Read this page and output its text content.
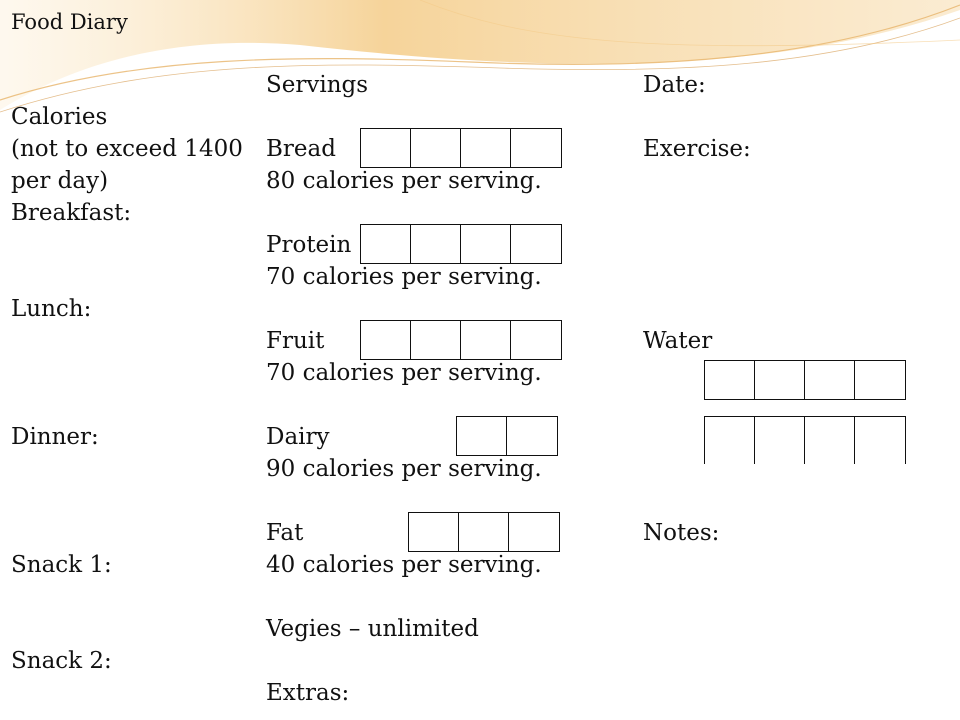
Food Diary
Calories
(not to exceed 1400
per day)
Breakfast:
Lunch:
Dinner:
Snack 1:
Snack 2:
Servings
Bread
80 calories per serving.
Protein
70 calories per serving.
Fruit
70 calories per serving.
Dairy
90 calories per serving.
Fat
40 calories per serving.
Vegies – unlimited
Extras:
Date:
Exercise:
Water
Notes:
